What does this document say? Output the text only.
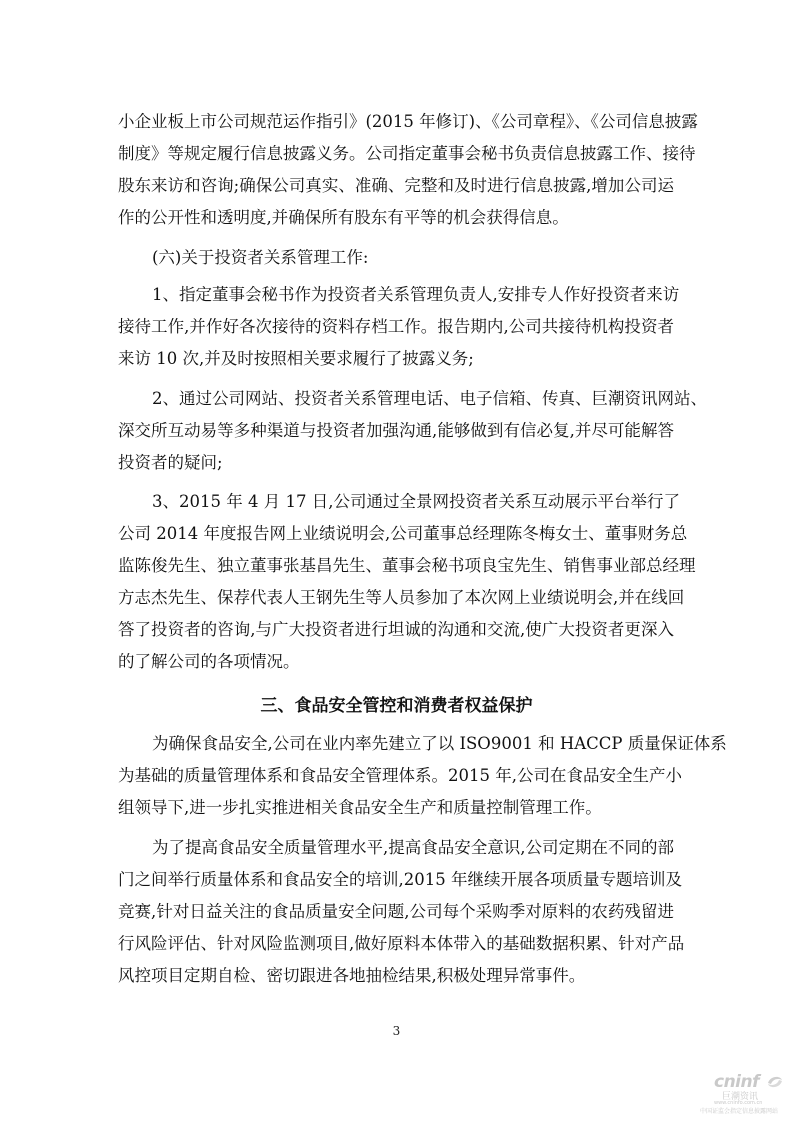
小企业板上市公司规范运作指引》(2015 年修订)、《公司章程》、《公司信息披露
制度》等规定履行信息披露义务。公司指定董事会秘书负责信息披露工作、接待
股东来访和咨询;确保公司真实、准确、完整和及时进行信息披露,增加公司运
作的公开性和透明度,并确保所有股东有平等的机会获得信息。
(六)关于投资者关系管理工作:
1、指定董事会秘书作为投资者关系管理负责人,安排专人作好投资者来访
接待工作,并作好各次接待的资料存档工作。报告期内,公司共接待机构投资者
来访 10 次,并及时按照相关要求履行了披露义务;
2、通过公司网站、投资者关系管理电话、电子信箱、传真、巨潮资讯网站、
深交所互动易等多种渠道与投资者加强沟通,能够做到有信必复,并尽可能解答
投资者的疑问;
3、2015 年 4 月 17 日,公司通过全景网投资者关系互动展示平台举行了
公司 2014 年度报告网上业绩说明会,公司董事总经理陈冬梅女士、董事财务总
监陈俊先生、独立董事张基昌先生、董事会秘书项良宝先生、销售事业部总经理
方志杰先生、保荐代表人王钢先生等人员参加了本次网上业绩说明会,并在线回
答了投资者的咨询,与广大投资者进行坦诚的沟通和交流,使广大投资者更深入
的了解公司的各项情况。
三、食品安全管控和消费者权益保护
为确保食品安全,公司在业内率先建立了以 ISO9001 和 HACCP 质量保证体系
为基础的质量管理体系和食品安全管理体系。2015 年,公司在食品安全生产小
组领导下,进一步扎实推进相关食品安全生产和质量控制管理工作。
为了提高食品安全质量管理水平,提高食品安全意识,公司定期在不同的部
门之间举行质量体系和食品安全的培训,2015 年继续开展各项质量专题培训及
竞赛,针对日益关注的食品质量安全问题,公司每个采购季对原料的农药残留进
行风险评估、针对风险监测项目,做好原料本体带入的基础数据积累、针对产品
风控项目定期自检、密切跟进各地抽检结果,积极处理异常事件。
3
cninf
巨潮资讯
www.cninfo.com.cn
中国证监会指定信息披露网站
